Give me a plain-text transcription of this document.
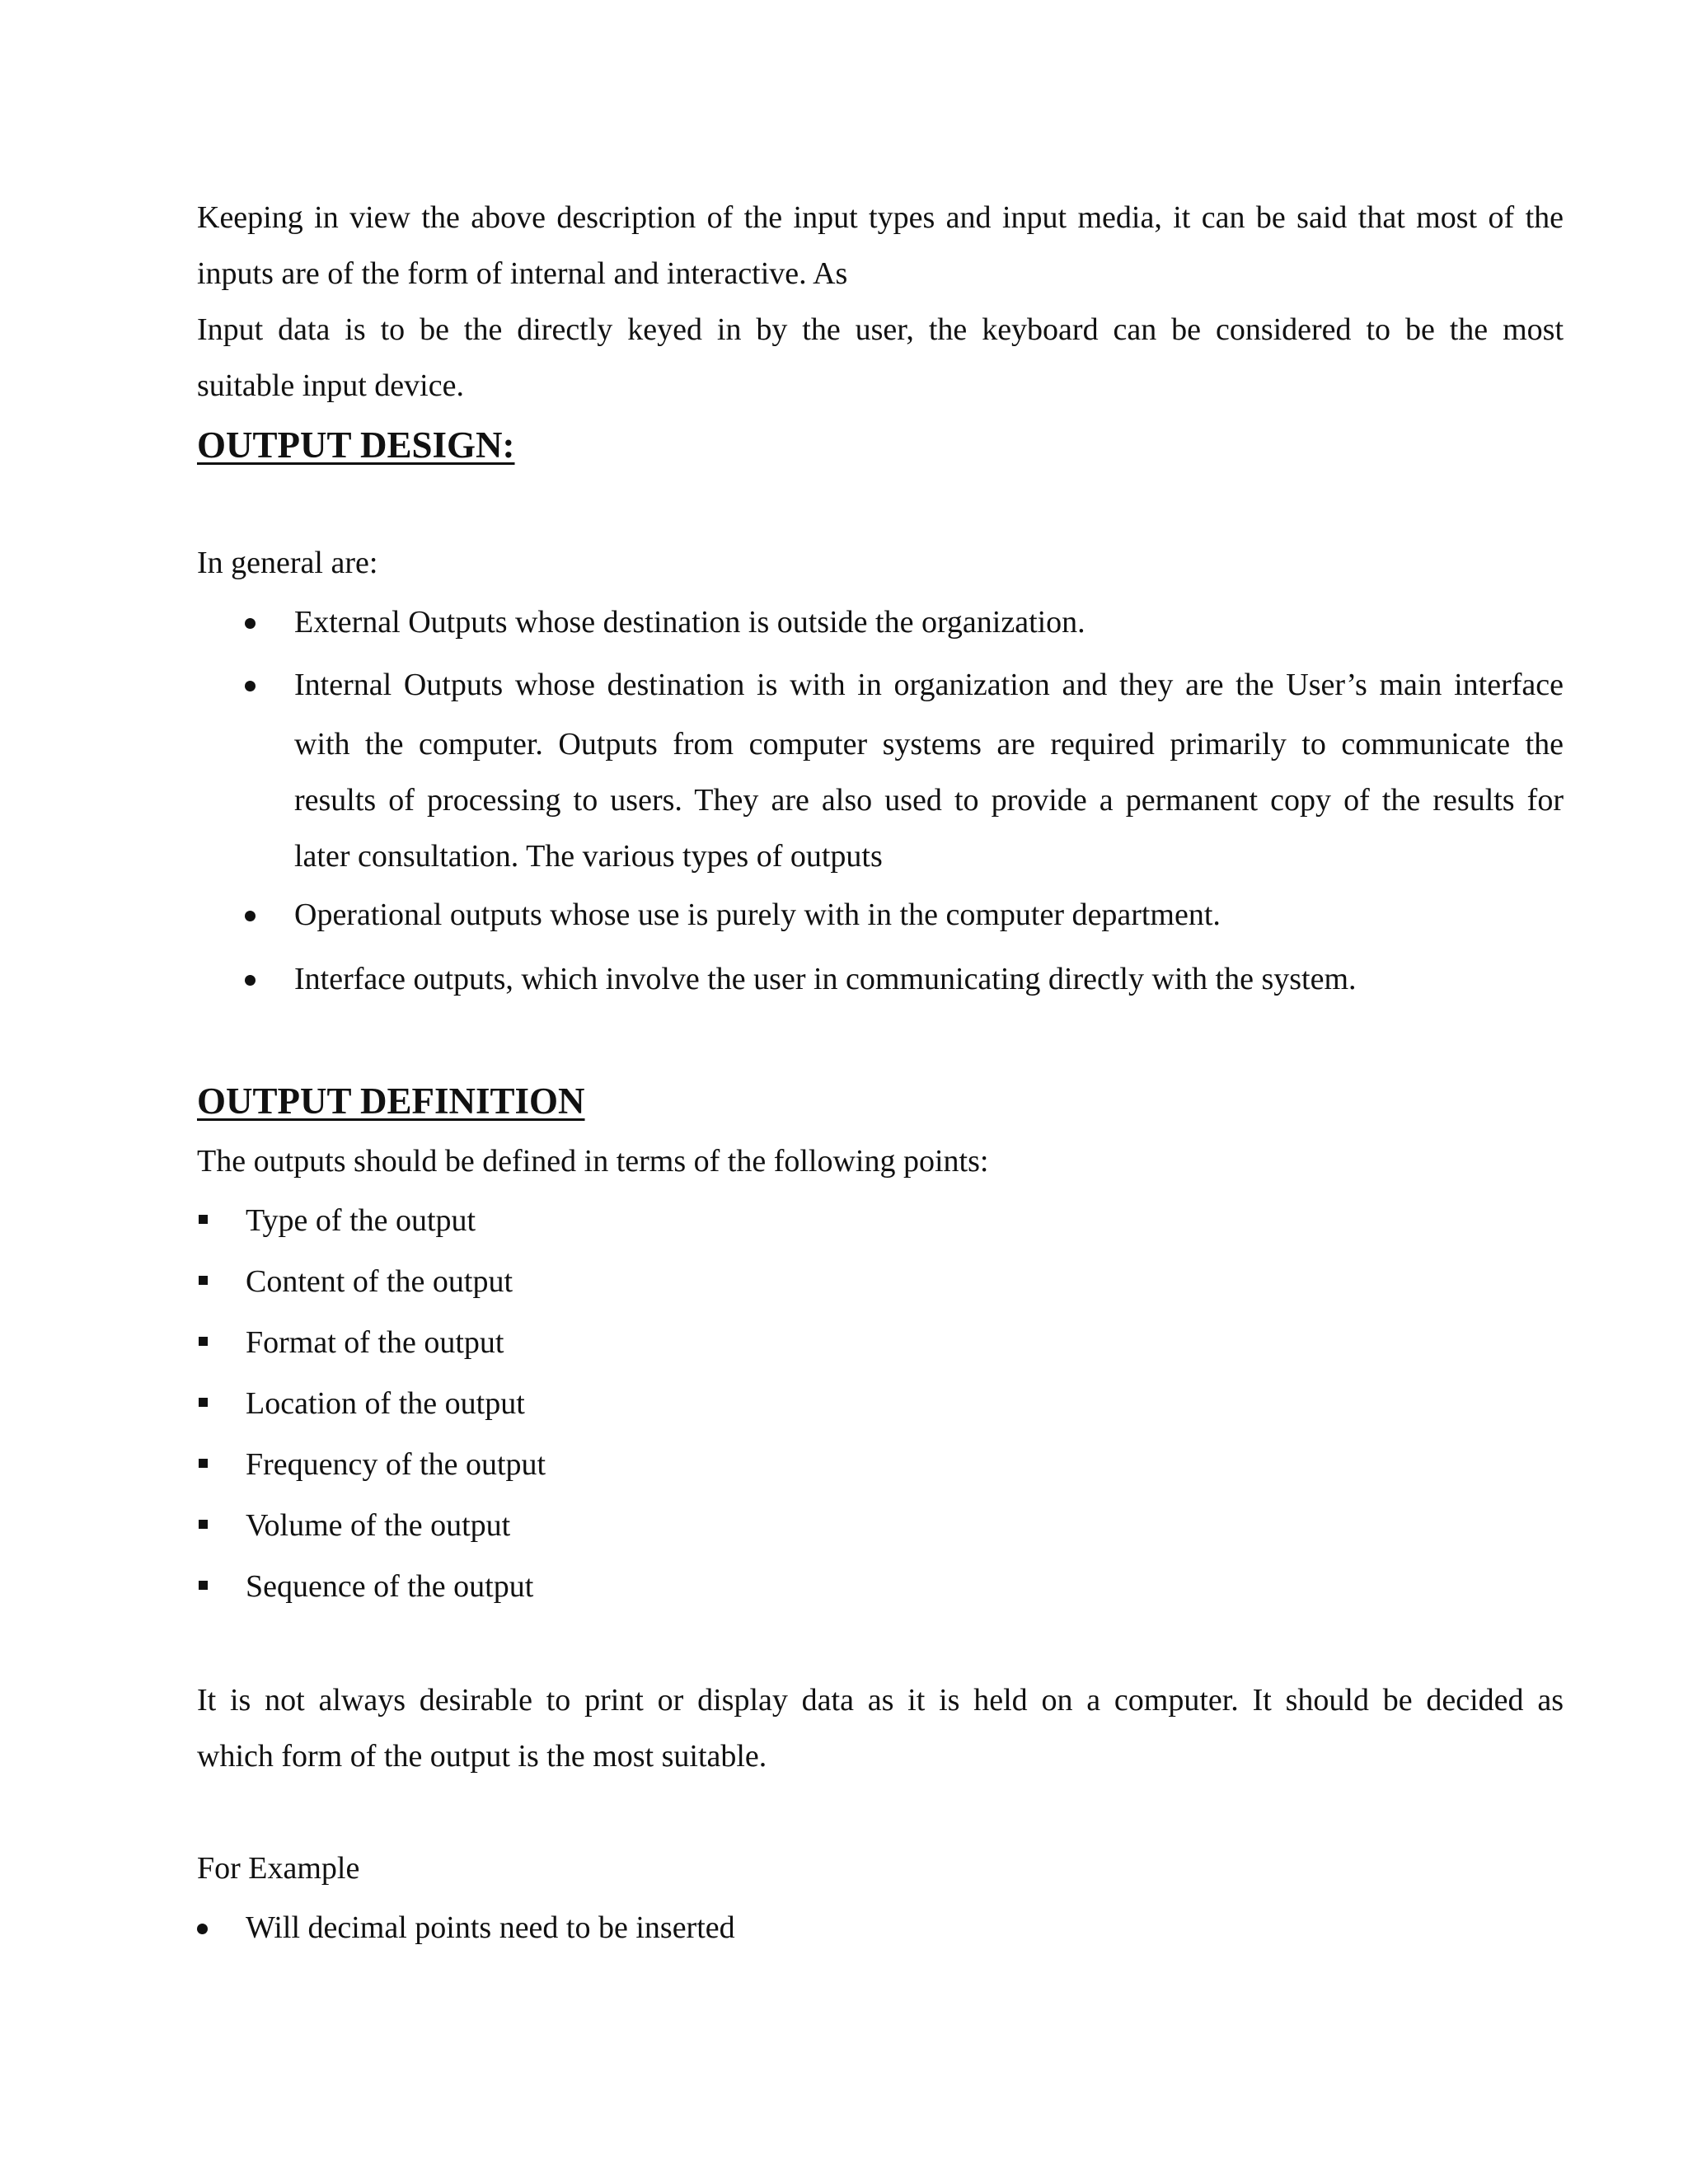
Keeping in view the above description of the input types and input media, it can be said that most of the
inputs are of the form of internal and interactive. As
Input data is to be the directly keyed in by the user, the keyboard can be considered to be the most
suitable input device.
OUTPUT DESIGN:
In general are:
External Outputs whose destination is outside the organization.
Internal Outputs whose destination is with in organization and they are the User’s main interface
with the computer. Outputs from computer systems are required primarily to communicate the
results of processing to users. They are also used to provide a permanent copy of the results for
later consultation. The various types of outputs
Operational outputs whose use is purely with in the computer department.
Interface outputs, which involve the user in communicating directly with the system.
OUTPUT DEFINITION
The outputs should be defined in terms of the following points:
Type of the output
Content of the output
Format of the output
Location of the output
Frequency of the output
Volume of the output
Sequence of the output
It is not always desirable to print or display data as it is held on a computer. It should be decided as
which form of the output is the most suitable.
For Example
Will decimal points need to be inserted
